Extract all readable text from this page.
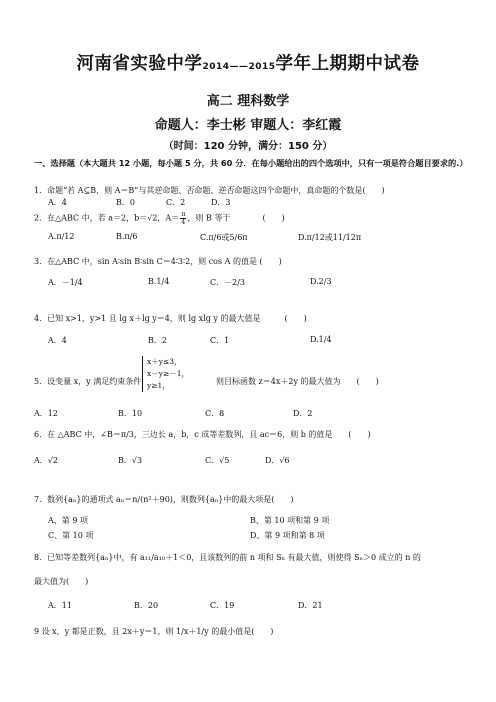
河南省实验中学2014——2015学年上期期中试卷
高二 理科数学
命题人：李士彬 审题人：李红霞
（时间：120 分钟，满分：150 分）
一、选择题（本大题共 12 小题，每小题 5 分，共 60 分．在每小题给出的四个选项中，只有一项是符合题目要求的.）
1．命题“若 A⊆B，则 A＝B”与其逆命题、否命题、逆否命题这四个命题中，真命题的个数是(　　)
A．4	B．0	C．2	D．3
2．在△ABC 中，若 a＝2，b＝√2，$A= \frac{\pi}{4}$ ，则 B 等于　　　　(　　)
A.π/12	B.π/6	C.π/6或5/6π	D.π/12或11/12π
3．在△ABC 中，sin A∶sin B∶sin C＝4∶3∶2，则 cos A 的值是 (　　)
A．－1/4	B.1/4	C．－2/3	D.2/3
4．已知 x>1，y>1 且 lg x＋lg y＝4，则 lg xlg y 的最大值是　　　(　　)
A．4	B．2	C．1	D.1/4
5．设变量 x，y 满足约束条件
x＋y≤3，
x－y≥－1，
y≥1，	则目标函数 z＝4x＋2y 的最大值为　　(　　)
A．12	B．10	C．8	D．2
6．在 △ABC 中，∠B＝π/3，三边长 a，b，c 成等差数列，且 ac＝6，则 b 的值是　　(　　)
A．√2	B．√3	C．√5	D．√6
7．数列{aₙ}的通项式 aₙ＝n/(n²＋90)，则数列{aₙ}中的最大项是(　　)
A、第 9 项	B、第 10 项和第 9 项
C、第 10 项	D、第 9 项和第 8 项
8．已知等差数列{aₙ}中，有 a₁₁/a₁₀＋1＜0，且该数列的前 n 项和 Sₙ 有最大值，则使得 Sₙ＞0 成立的 n 的
最大值为(　　)
A．11	B．20	C．19	D．21
9 设 x，y 都是正数，且 2x＋y＝1，则 1/x＋1/y 的最小值是(　　)
